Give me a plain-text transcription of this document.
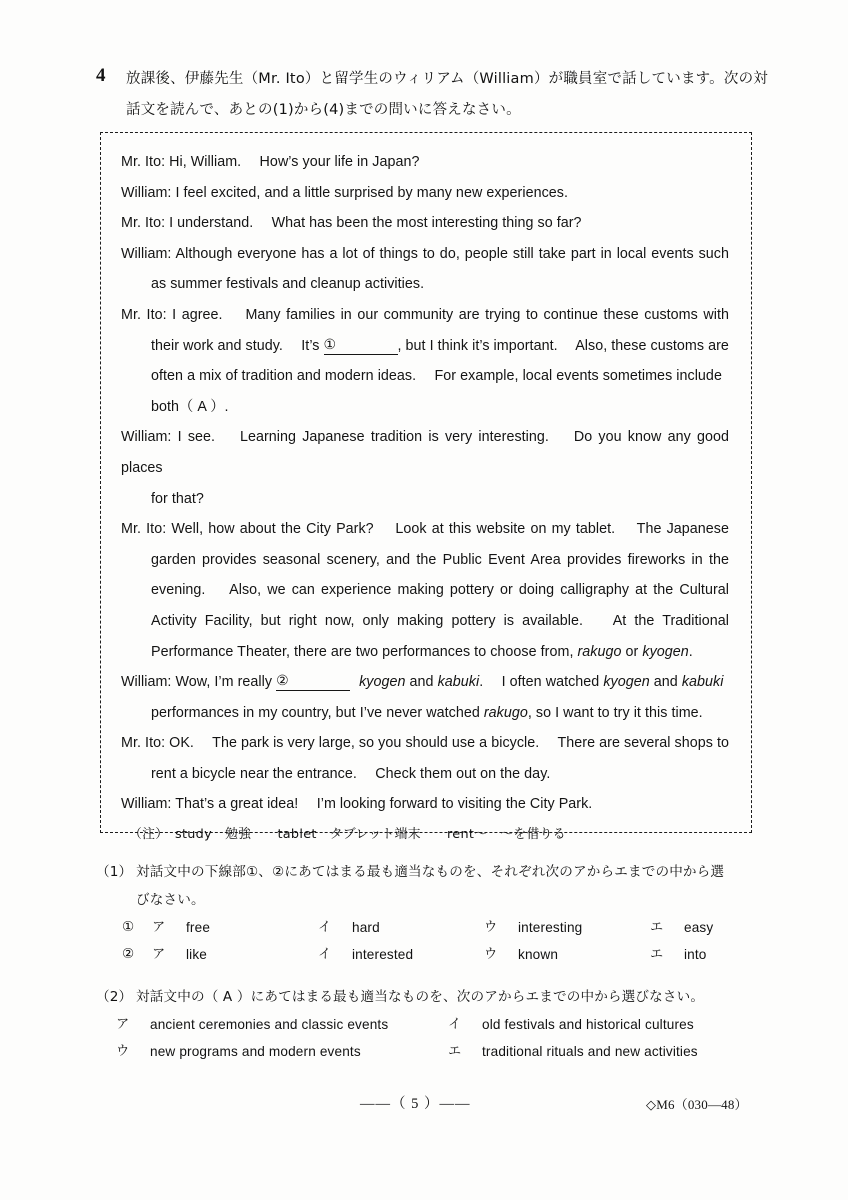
4	放課後、伊藤先生（Mr. Ito）と留学生のウィリアム（William）が職員室で話しています。次の対
話文を読んで、あとの(1)から(4)までの問いに答えなさい。

Mr. Ito: Hi, William.　 How’s your life in Japan?

William: I feel excited, and a little surprised by many new experiences.

Mr. Ito: I understand.　 What has been the most interesting thing so far?

William: Although everyone has a lot of things to do, people still take part in local events such
as summer festivals and cleanup activities.

Mr. Ito: I agree.　 Many families in our community are trying to continue these customs with
their work and study.　 It’s ①	, but I think it’s important.　 Also, these customs are
often a mix of tradition and modern ideas.　 For example, local events sometimes include
both（ A ）.

William: I see.　 Learning Japanese tradition is very interesting.　 Do you know any good places
for that?

Mr. Ito: Well, how about the City Park?　 Look at this website on my tablet.　 The Japanese
garden provides seasonal scenery, and the Public Event Area provides fireworks in the
evening.　 Also, we can experience making pottery or doing calligraphy at the Cultural
Activity Facility, but right now, only making pottery is available.　 At the Traditional
Performance Theater, there are two performances to choose from, rakugo or kyogen.

William: Wow, I’m really ②	kyogen and kabuki.　 I often watched kyogen and kabuki
performances in my country, but I’ve never watched rakugo, so I want to try it this time.

Mr. Ito: OK.　 The park is very large, so you should use a bicycle.　 There are several shops to
rent a bicycle near the entrance.　 Check them out on the day.

William: That’s a great idea!　 I’m looking forward to visiting the City Park.

（注）　study　勉強　　tablet　タブレット端末　　rent～　～を借りる
（1） 対話文中の下線部①、②にあてはまる最も適当なものを、それぞれ次のアからエまでの中から選
びなさい。
①	ア	free	イ	hard	ウ	interesting	エ	easy
②	ア	like	イ	interested	ウ	known	エ	into
（2） 対話文中の（ A ）にあてはまる最も適当なものを、次のアからエまでの中から選びなさい。
ア	ancient ceremonies and classic events	イ	old festivals and historical cultures
ウ	new programs and modern events	エ	traditional rituals and new activities
——（ 5 ）——	◇M6（030—48）
